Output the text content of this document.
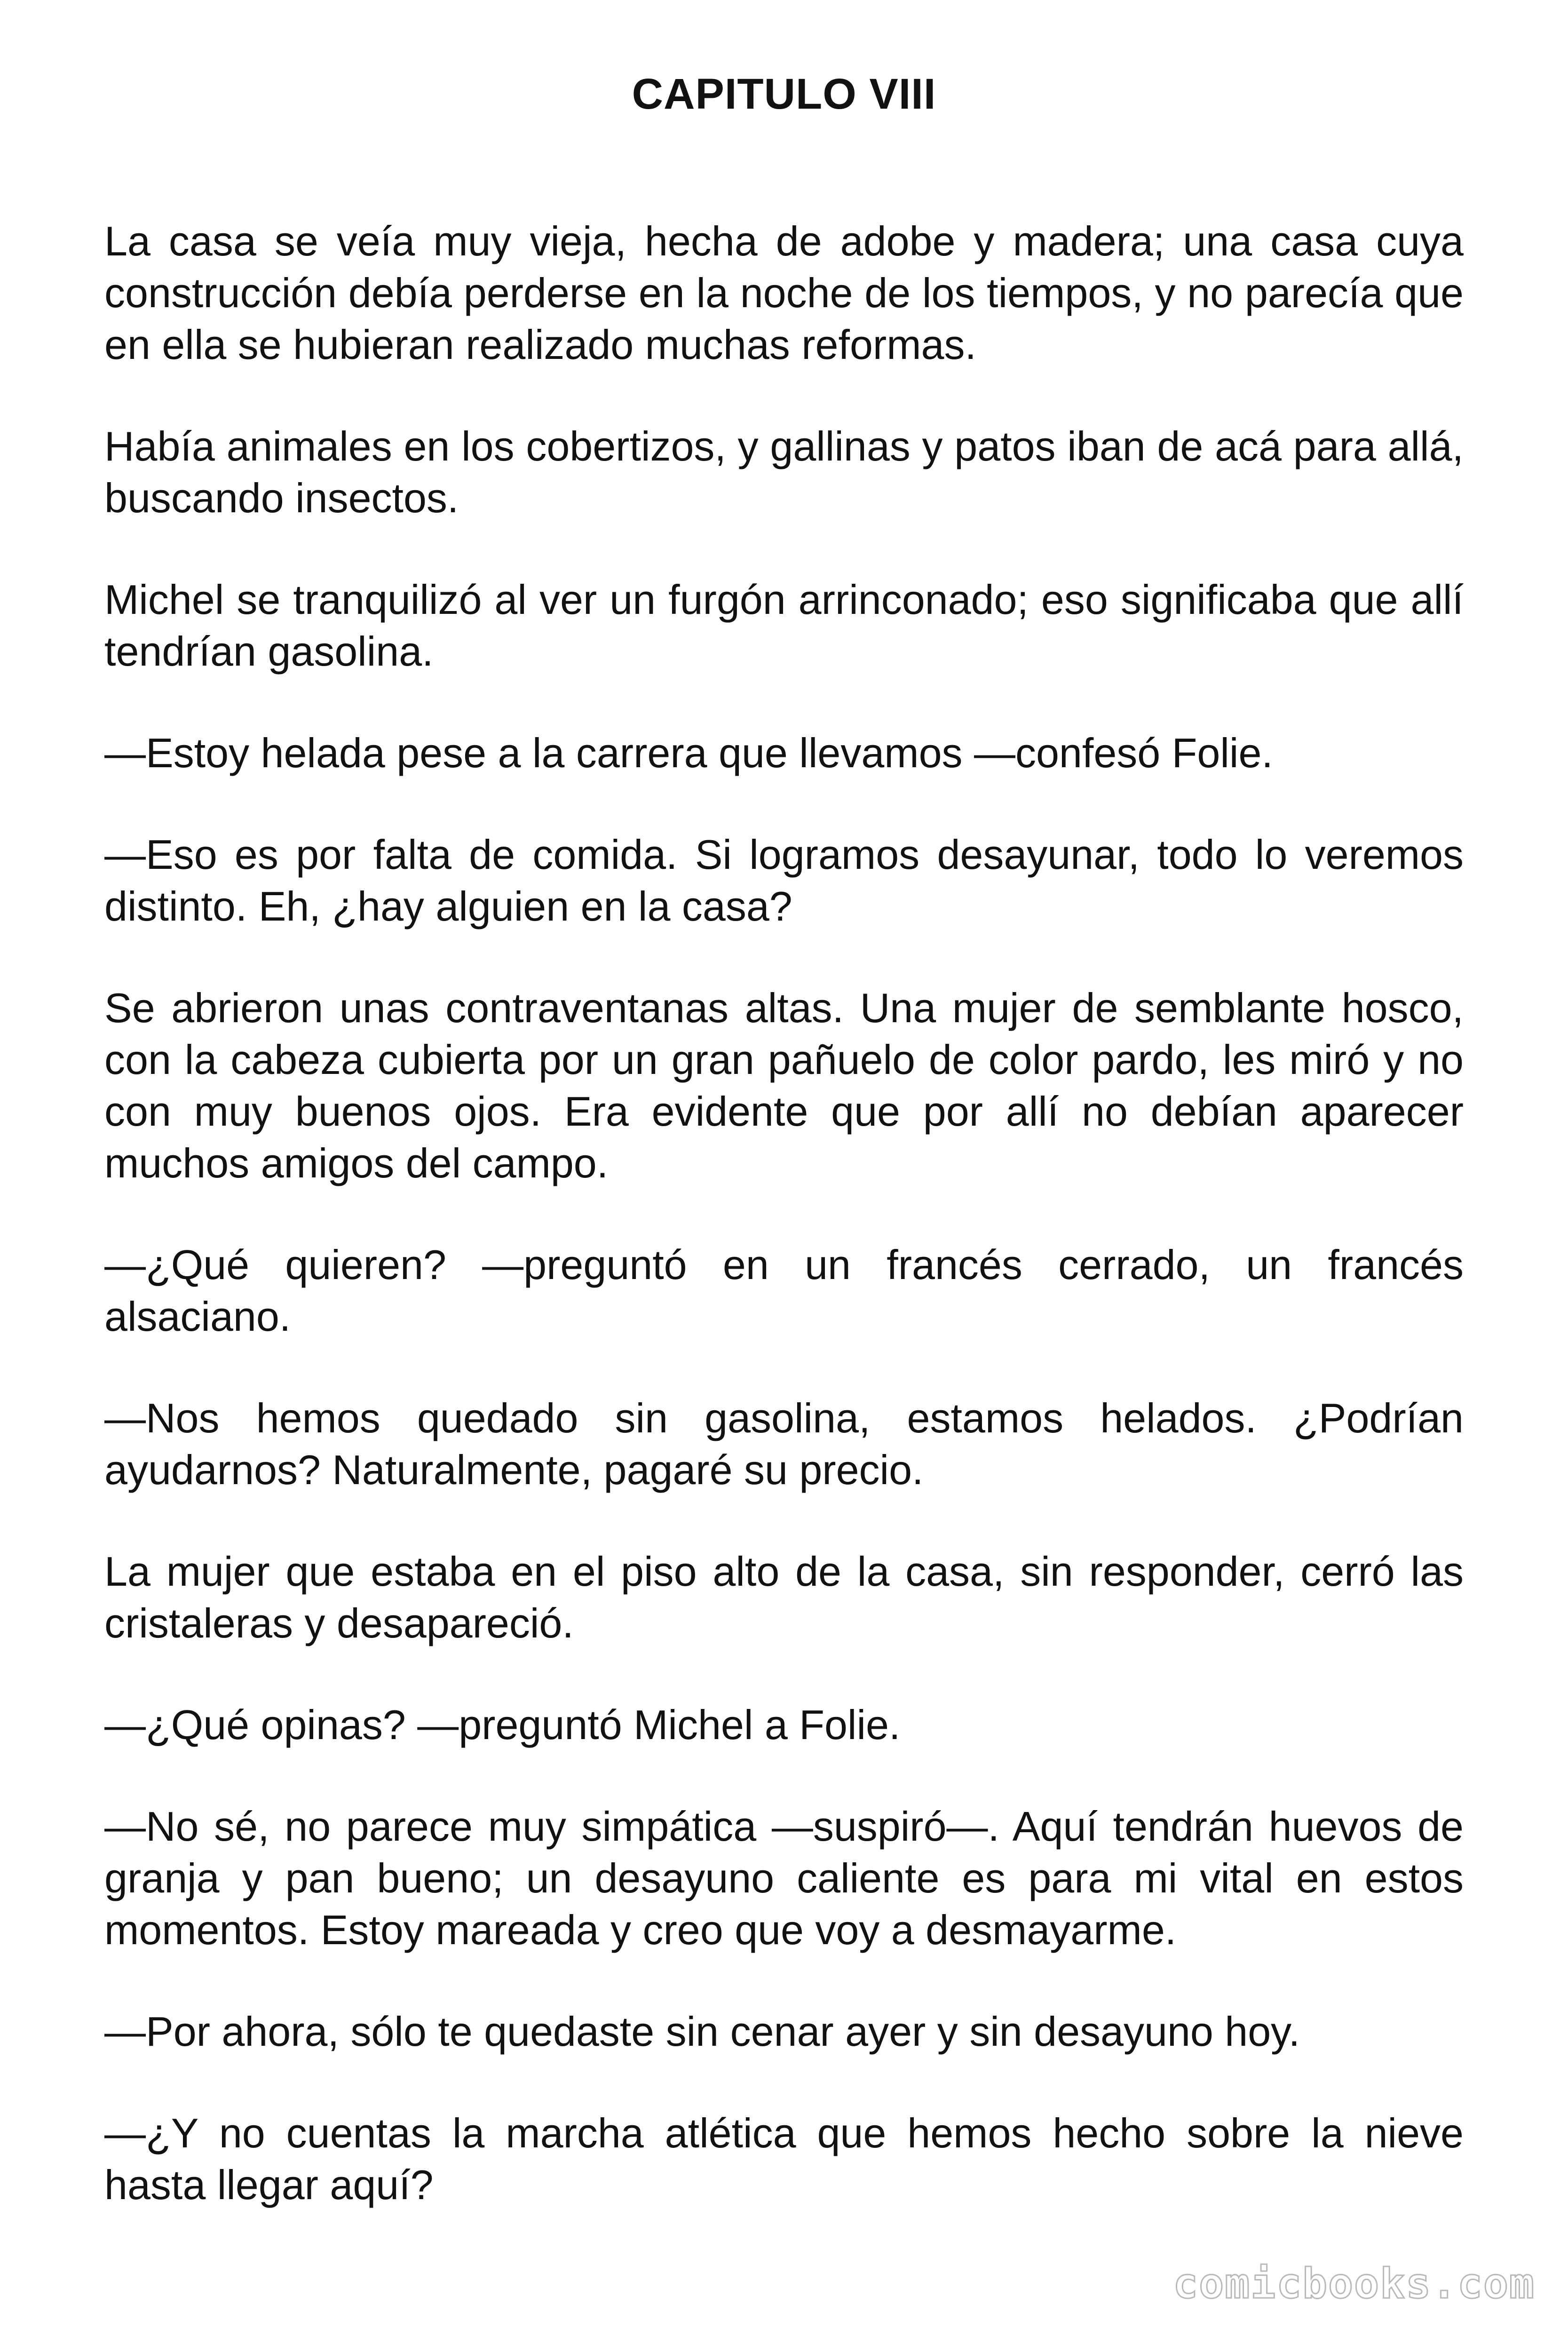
CAPITULO VIII

La casa se veía muy vieja, hecha de adobe y madera; una casa cuya construcción debía perderse en la noche de los tiempos, y no parecía que en ella se hubieran realizado muchas reformas.

Había animales en los cobertizos, y gallinas y patos iban de acá para allá, buscando insectos.

Michel se tranquilizó al ver un furgón arrinconado; eso significaba que allí tendrían gasolina.

—Estoy helada pese a la carrera que llevamos —confesó Folie.

—Eso es por falta de comida. Si logramos desayunar, todo lo veremos distinto. Eh, ¿hay alguien en la casa?

Se abrieron unas contraventanas altas. Una mujer de semblante hosco, con la cabeza cubierta por un gran pañuelo de color pardo, les miró y no con muy buenos ojos. Era evidente que por allí no debían aparecer muchos amigos del campo.

—¿Qué quieren? —preguntó en un francés cerrado, un francés alsaciano.

—Nos hemos quedado sin gasolina, estamos helados. ¿Podrían ayudarnos? Naturalmente, pagaré su precio.

La mujer que estaba en el piso alto de la casa, sin responder, cerró las cristaleras y desapareció.

—¿Qué opinas? —preguntó Michel a Folie.

—No sé, no parece muy simpática —suspiró—. Aquí tendrán huevos de granja y pan bueno; un desayuno caliente es para mi vital en estos momentos. Estoy mareada y creo que voy a desmayarme.

—Por ahora, sólo te quedaste sin cenar ayer y sin desayuno hoy.

—¿Y no cuentas la marcha atlética que hemos hecho sobre la nieve hasta llegar aquí?

comicbooks.com
